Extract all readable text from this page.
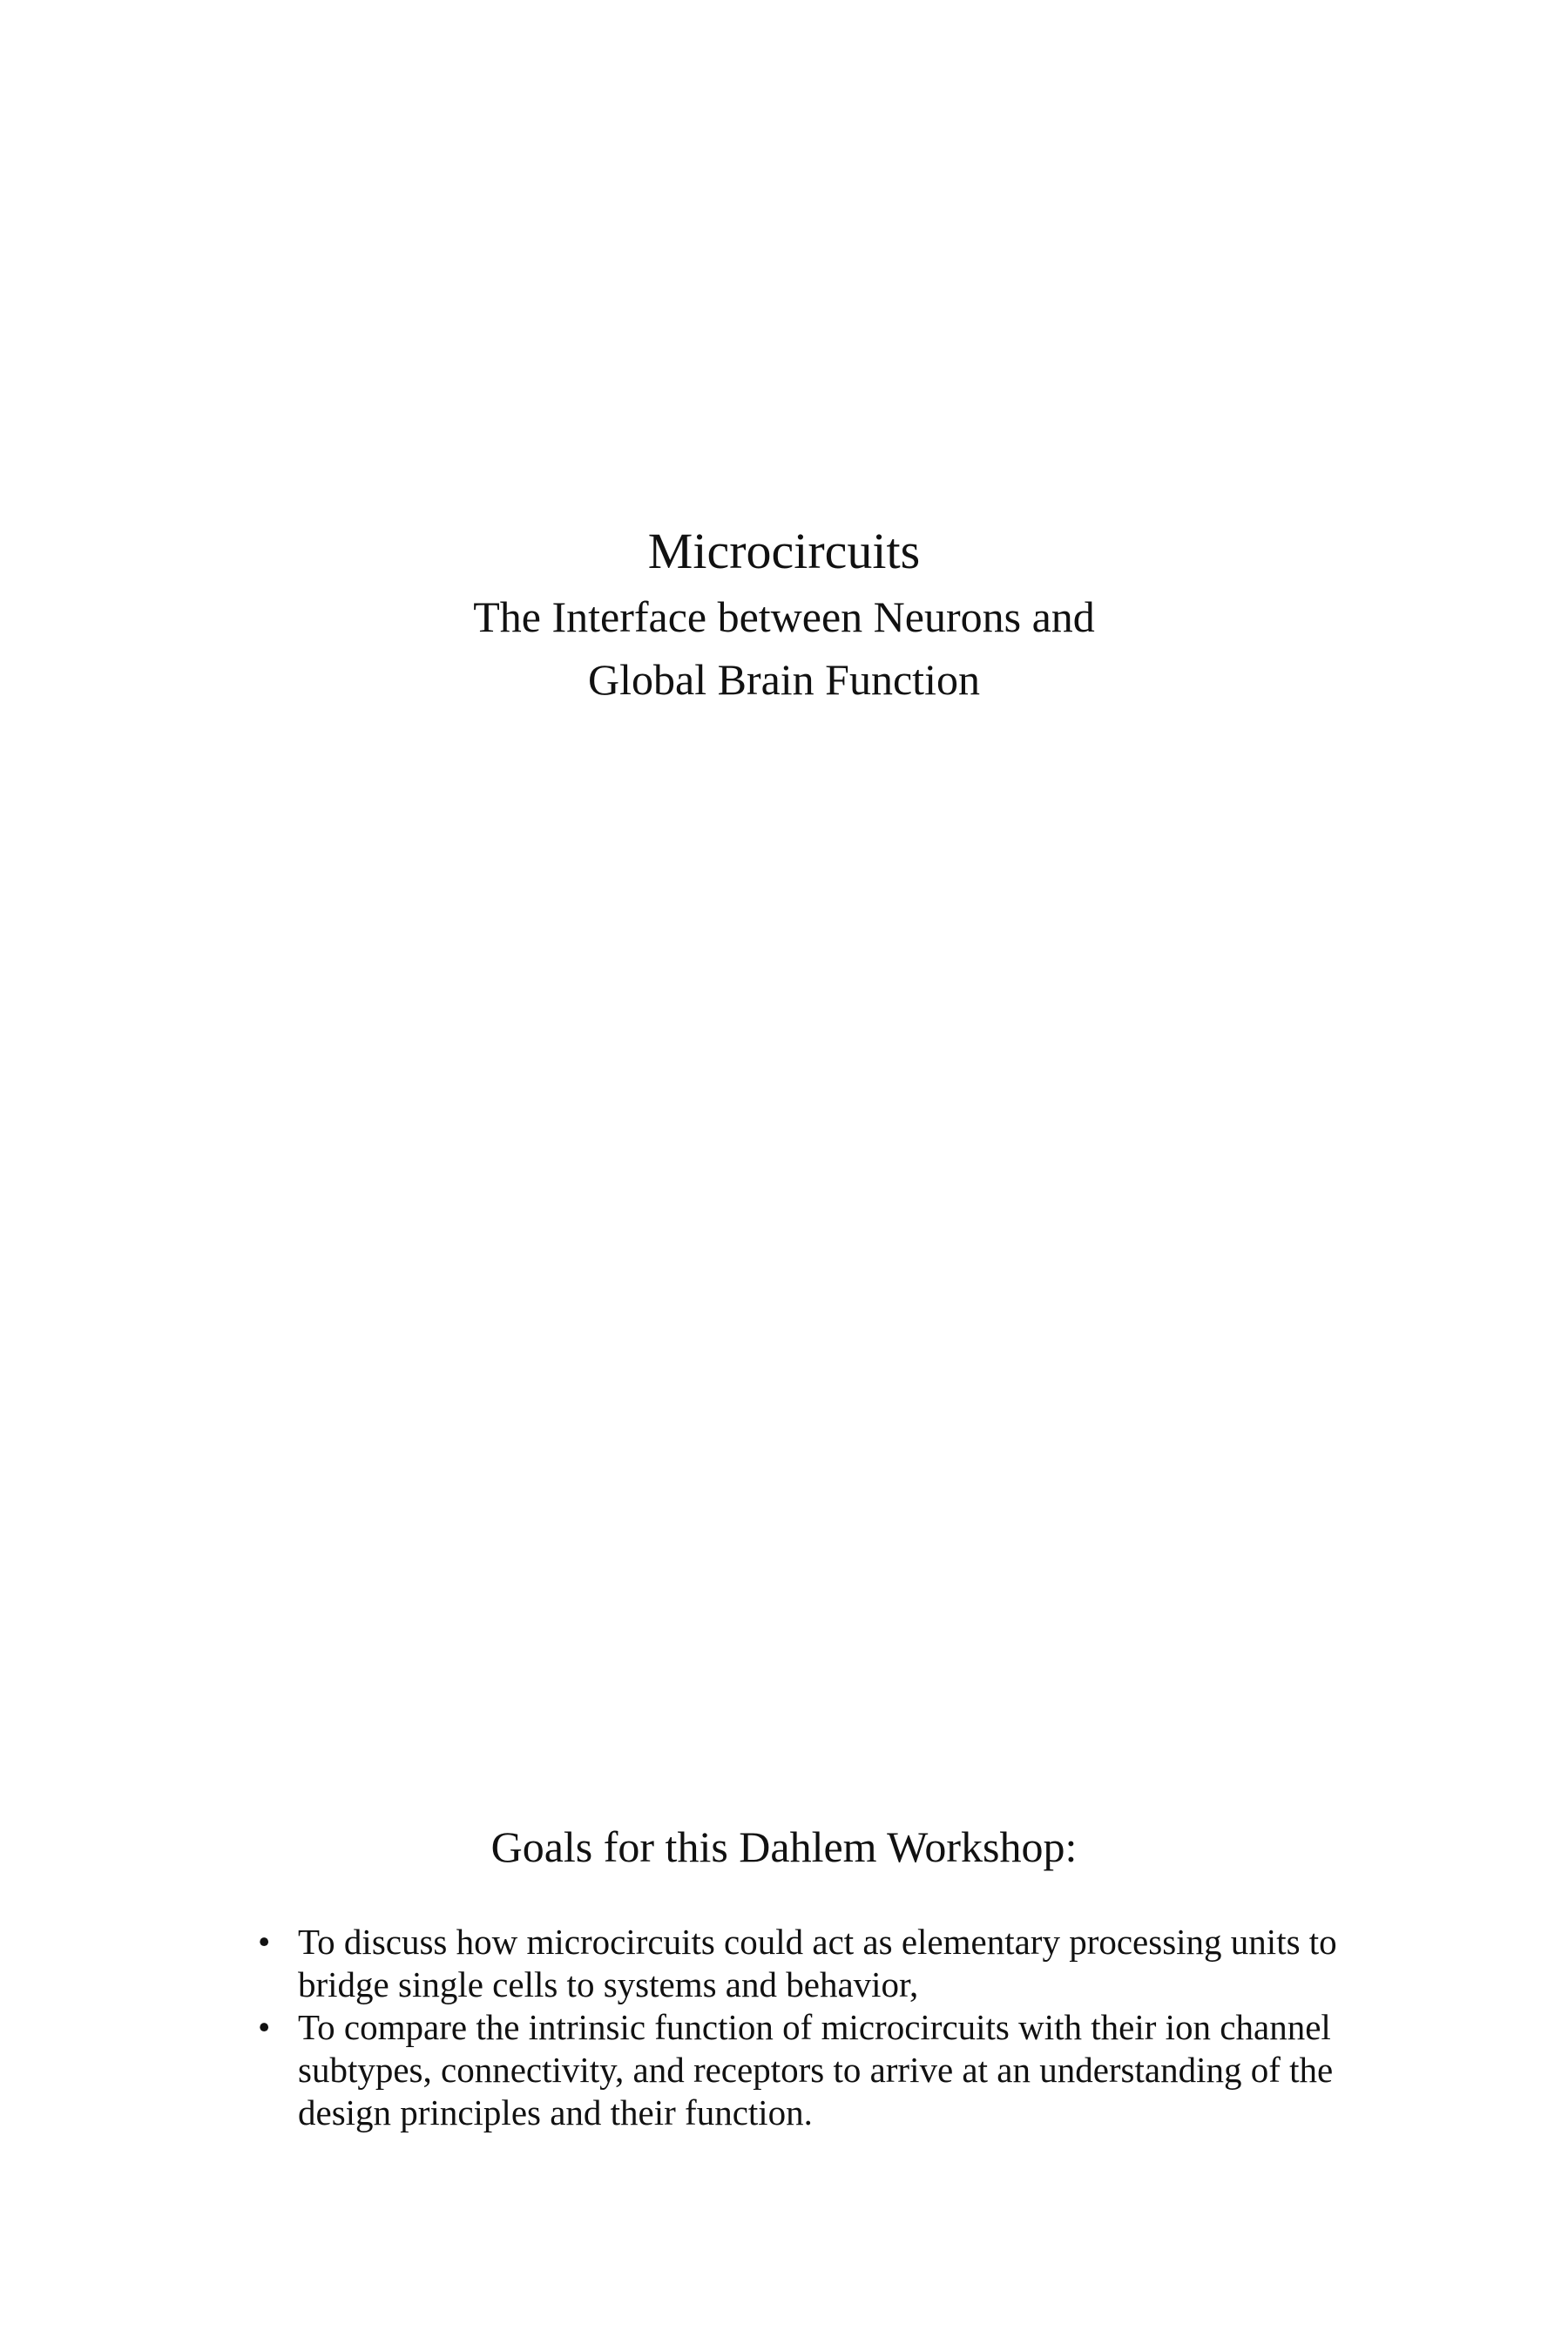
Microcircuits
The Interface between Neurons and
Global Brain Function
Goals for this Dahlem Workshop:
• To discuss how microcircuits could act as elementary processing units to bridge single cells to systems and behavior,
• To compare the intrinsic function of microcircuits with their ion channel subtypes, connectivity, and receptors to arrive at an understanding of the design principles and their function.
